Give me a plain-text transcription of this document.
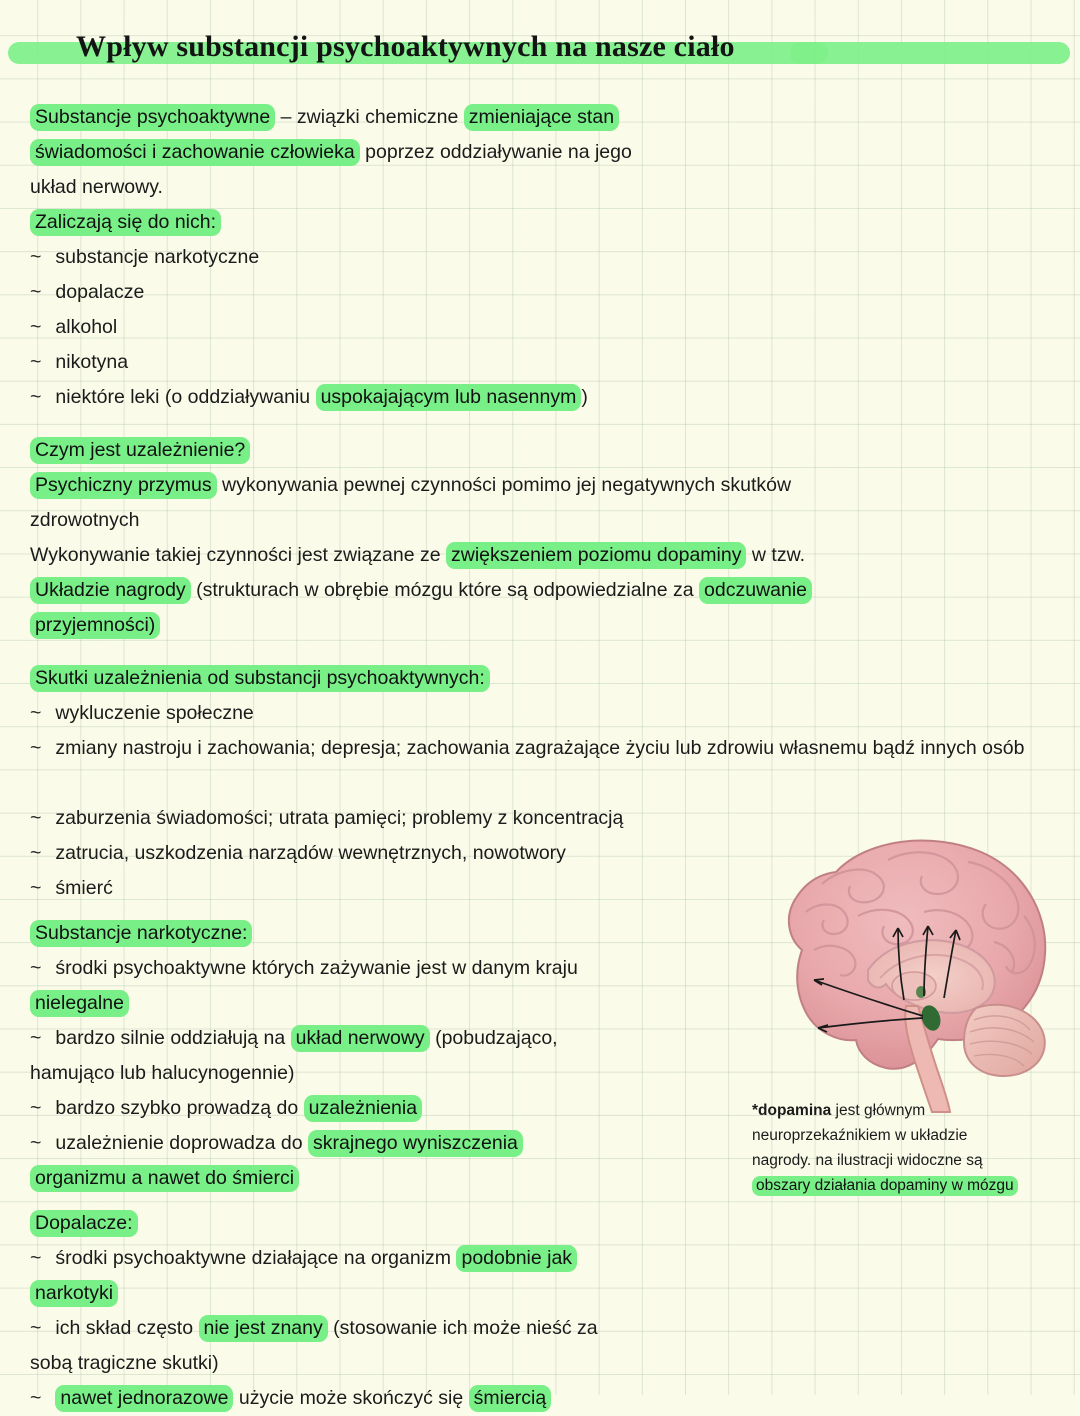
Wpływ substancji psychoaktywnych na nasze ciało
Substancje psychoaktywne – związki chemiczne zmieniające stan
świadomości i zachowanie człowieka poprzez oddziaływanie na jego
układ nerwowy.
Zaliczają się do nich:
~ substancje narkotyczne
~ dopalacze
~ alkohol
~ nikotyna
~ niektóre leki (o oddziaływaniu uspokajającym lub nasennym )
Czym jest uzależnienie?
Psychiczny przymus wykonywania pewnej czynności pomimo jej negatywnych skutków
zdrowotnych
Wykonywanie takiej czynności jest związane ze zwiększeniem poziomu dopaminy w tzw.
Układzie nagrody (strukturach w obrębie mózgu które są odpowiedzialne za odczuwanie
przyjemności)
Skutki uzależnienia od substancji psychoaktywnych:
~ wykluczenie społeczne
~ zmiany nastroju i zachowania; depresja; zachowania zagrażające życiu lub zdrowiu własnemu bądź innych osób
~ zaburzenia świadomości; utrata pamięci; problemy z koncentracją
~ zatrucia, uszkodzenia narządów wewnętrznych, nowotwory
~ śmierć
Substancje narkotyczne:
~ środki psychoaktywne których zażywanie jest w danym kraju
nielegalne
~ bardzo silnie oddziałują na układ nerwowy (pobudzająco,
hamująco lub halucynogennie)
~ bardzo szybko prowadzą do uzależnienia
~ uzależnienie doprowadza do skrajnego wyniszczenia
organizmu a nawet do śmierci
Dopalacze:
~ środki psychoaktywne działające na organizm podobnie jak
narkotyki
~ ich skład często nie jest znany (stosowanie ich może nieść za
sobą tragiczne skutki)
~ nawet jednorazowe użycie może skończyć się śmiercią
*dopamina jest głównym
neuroprzekaźnikiem w układzie
nagrody. na ilustracji widoczne są
obszary działania dopaminy w mózgu
